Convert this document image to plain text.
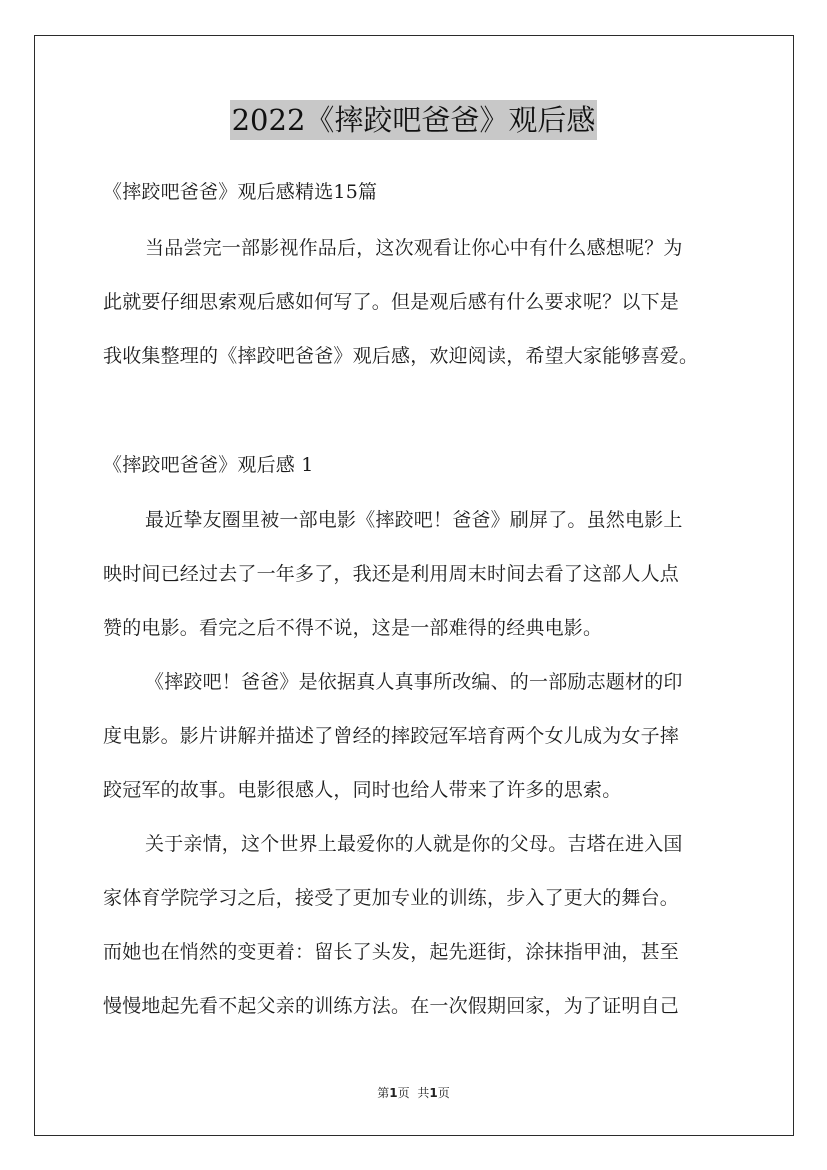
2022《摔跤吧爸爸》观后感
《摔跤吧爸爸》观后感精选15篇
当品尝完一部影视作品后，这次观看让你心中有什么感想呢？为
此就要仔细思索观后感如何写了。但是观后感有什么要求呢？以下是
我收集整理的《摔跤吧爸爸》观后感，欢迎阅读，希望大家能够喜爱。
《摔跤吧爸爸》观后感 1
最近挚友圈里被一部电影《摔跤吧！爸爸》刷屏了。虽然电影上
映时间已经过去了一年多了，我还是利用周末时间去看了这部人人点
赞的电影。看完之后不得不说，这是一部难得的经典电影。
《摔跤吧！爸爸》是依据真人真事所改编、的一部励志题材的印
度电影。影片讲解并描述了曾经的摔跤冠军培育两个女儿成为女子摔
跤冠军的故事。电影很感人，同时也给人带来了许多的思索。
关于亲情，这个世界上最爱你的人就是你的父母。吉塔在进入国
家体育学院学习之后，接受了更加专业的训练，步入了更大的舞台。
而她也在悄然的变更着：留长了头发，起先逛街，涂抹指甲油，甚至
慢慢地起先看不起父亲的训练方法。在一次假期回家，为了证明自己
第1页 共1页
